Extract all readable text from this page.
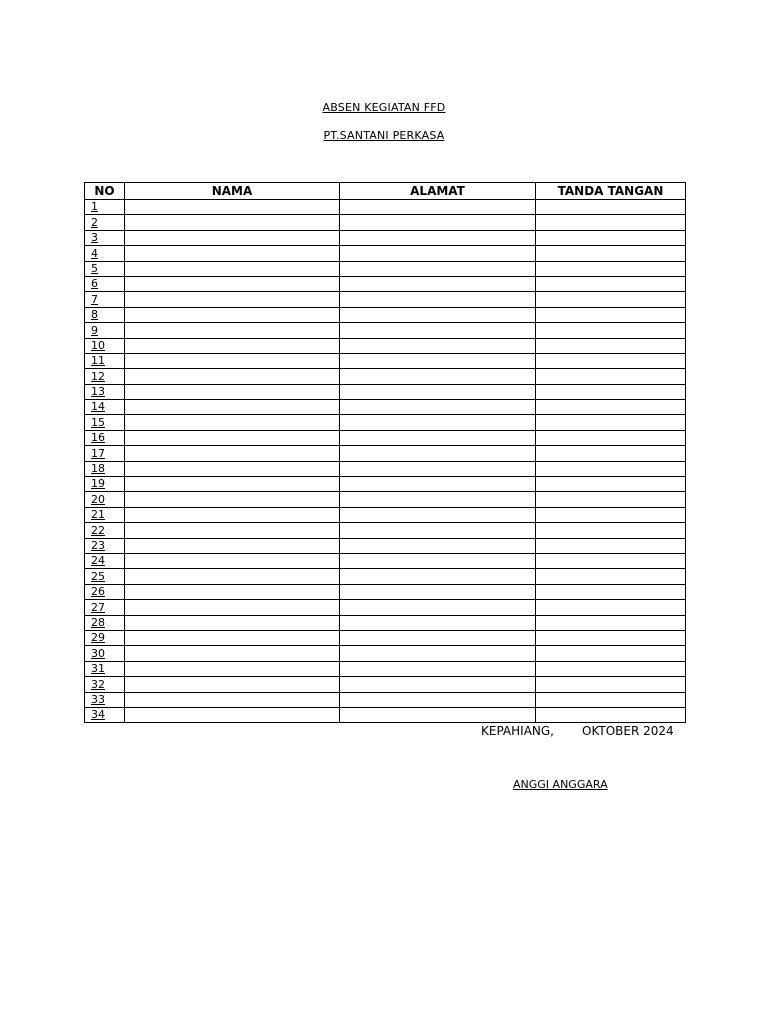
ABSEN KEGIATAN FFD
PT.SANTANI PERKASA
NO	NAMA	ALAMAT	TANDA TANGAN
1			
2			
3			
4			
5			
6			
7			
8			
9			
10			
11			
12			
13			
14			
15			
16			
17			
18			
19			
20			
21			
22			
23			
24			
25			
26			
27			
28			
29			
30			
31			
32			
33			
34			
KEPAHIANG, OKTOBER 2024
ANGGI ANGGARA
